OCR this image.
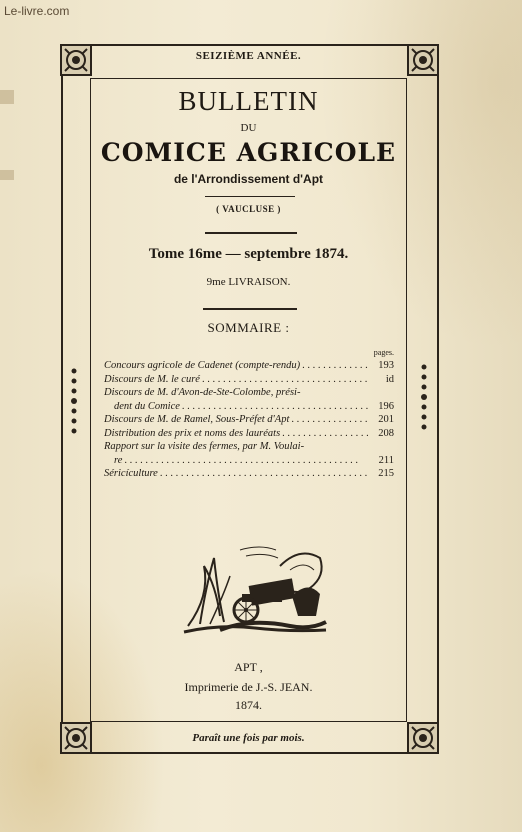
Le-livre.com
SEIZIÈME ANNÉE.
BULLETIN
DU
COMICE AGRICOLE
de l'Arrondissement d'Apt
( VAUCLUSE )
Tome 16me — septembre 1874.
9me LIVRAISON.
SOMMAIRE :
pages.
Concours agricole de Cadenet (compte-rendu) . . .	193
Discours de M. le curé . . .	id
Discours de M. d'Avon-de-Ste-Colombe, prési-
dent du Comice . . .	196
Discours de M. de Ramel, Sous-Préfet d'Apt . . .	201
Distribution des prix et noms des lauréats . . .	208
Rapport sur la visite des fermes, par M. Voulai-
re . . .	211
Séricículture . . .	215
APT ,
Imprimerie de J.-S. JEAN.
1874.
Paraît une fois par mois.
